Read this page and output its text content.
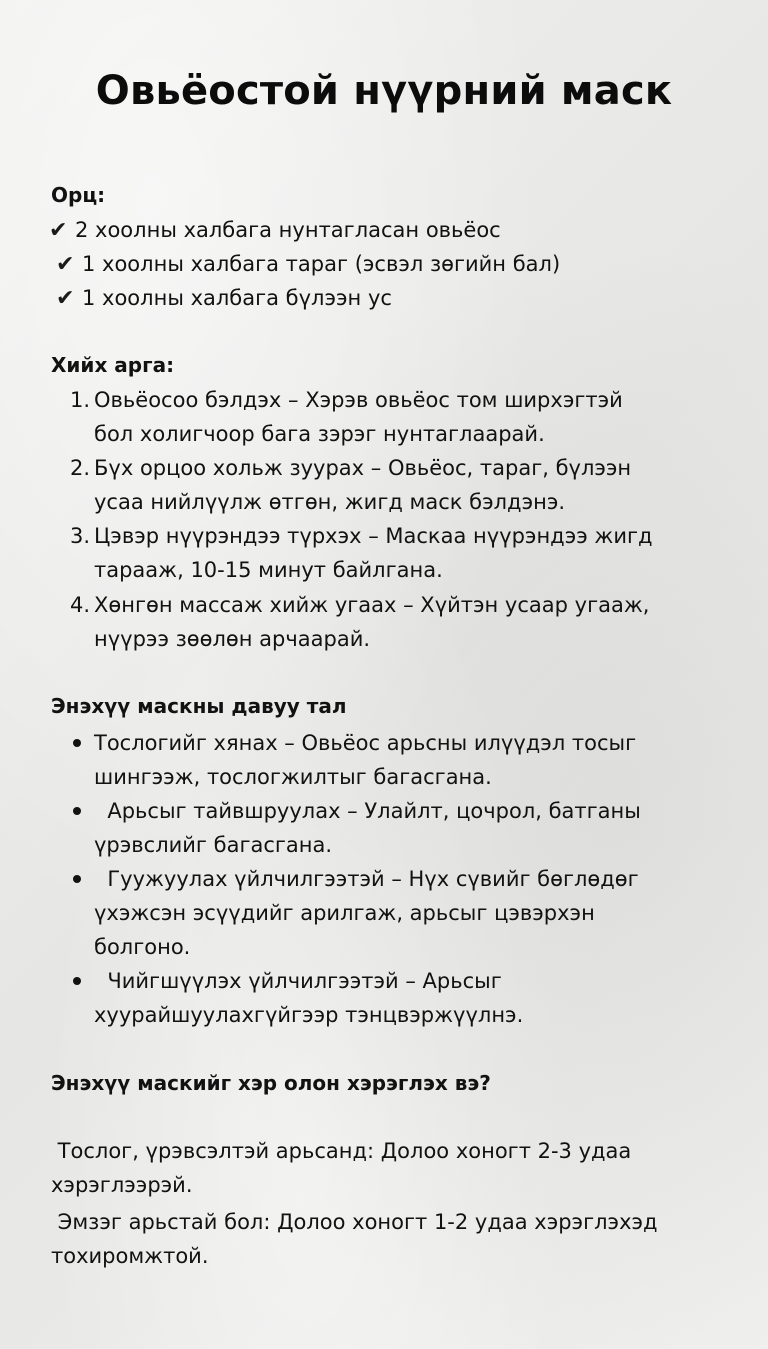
Овьёостой нүүрний маск

Орц:

✔ 2 хоолны халбага нунтагласан овьёос

✔ 1 хоолны халбага тараг (эсвэл зөгийн бал)

✔ 1 хоолны халбага бүлээн ус

Хийх арга:

1. Овьёосоо бэлдэх – Хэрэв овьёос том ширхэгтэй

бол холигчоор бага зэрэг нунтаглаарай.

2. Бүх орцоо хольж зуурах – Овьёос, тараг, бүлээн

усаа нийлүүлж өтгөн, жигд маск бэлдэнэ.

3. Цэвэр нүүрэндээ түрхэх – Маскаа нүүрэндээ жигд

тарааж, 10-15 минут байлгана.

4. Хөнгөн массаж хийж угаах – Хүйтэн усаар угааж,

нүүрээ зөөлөн арчаарай.

Энэхүү маскны давуу тал

Тослогийг хянах – Овьёос арьсны илүүдэл тосыг

шингээж, тослогжилтыг багасгана.

Арьсыг тайвшруулах – Улайлт, цочрол, батганы

үрэвслийг багасгана.

Гуужуулах үйлчилгээтэй – Нүх сүвийг бөглөдөг

үхэжсэн эсүүдийг арилгаж, арьсыг цэвэрхэн

болгоно.

Чийгшүүлэх үйлчилгээтэй – Арьсыг

хуурайшуулахгүйгээр тэнцвэржүүлнэ.

Энэхүү маскийг хэр олон хэрэглэх вэ?

Тослог, үрэвсэлтэй арьсанд: Долоо хоногт 2-3 удаа

хэрэглээрэй.

Эмзэг арьстай бол: Долоо хоногт 1-2 удаа хэрэглэхэд

тохиромжтой.
